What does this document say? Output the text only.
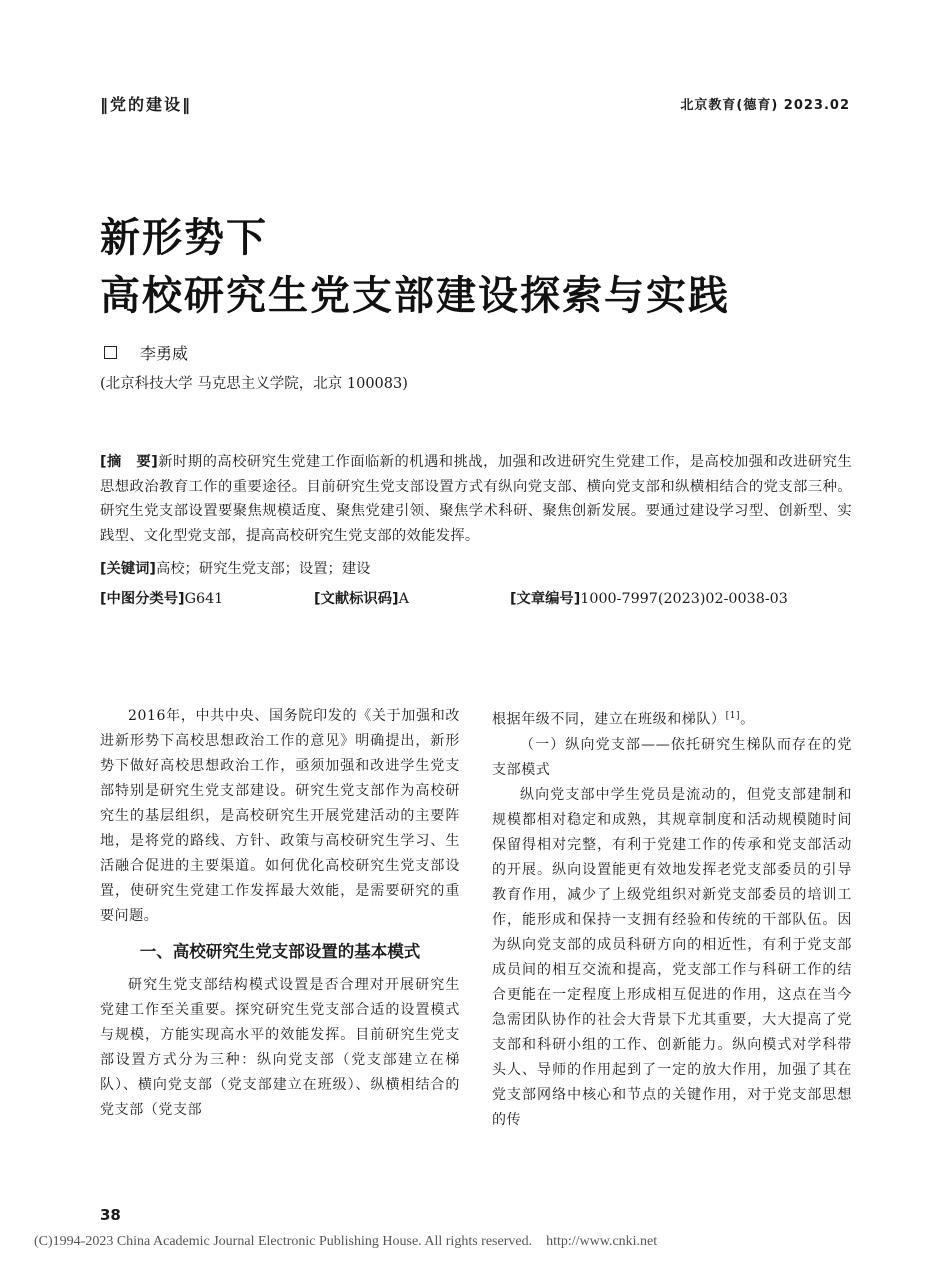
‖党的建设‖	北京教育(德育) 2023.02
新形势下
高校研究生党支部建设探索与实践
李勇威
(北京科技大学 马克思主义学院，北京 100083)
[摘　要]新时期的高校研究生党建工作面临新的机遇和挑战，加强和改进研究生党建工作，是高校加强和改进研究生思想政治教育工作的重要途径。目前研究生党支部设置方式有纵向党支部、横向党支部和纵横相结合的党支部三种。研究生党支部设置要聚焦规模适度、聚焦党建引领、聚焦学术科研、聚焦创新发展。要通过建设学习型、创新型、实践型、文化型党支部，提高高校研究生党支部的效能发挥。
[关键词]高校；研究生党支部；设置；建设
[中图分类号]G641	[文献标识码]A	[文章编号]1000-7997(2023)02-0038-03

2016年，中共中央、国务院印发的《关于加强和改进新形势下高校思想政治工作的意见》明确提出，新形势下做好高校思想政治工作，亟须加强和改进学生党支部特别是研究生党支部建设。研究生党支部作为高校研究生的基层组织，是高校研究生开展党建活动的主要阵地，是将党的路线、方针、政策与高校研究生学习、生活融合促进的主要渠道。如何优化高校研究生党支部设置，使研究生党建工作发挥最大效能，是需要研究的重要问题。

一、高校研究生党支部设置的基本模式

研究生党支部结构模式设置是否合理对开展研究生党建工作至关重要。探究研究生党支部合适的设置模式与规模，方能实现高水平的效能发挥。目前研究生党支部设置方式分为三种：纵向党支部（党支部建立在梯队）、横向党支部（党支部建立在班级）、纵横相结合的党支部（党支部

根据年级不同，建立在班级和梯队）[1]。

（一）纵向党支部——依托研究生梯队而存在的党支部模式

纵向党支部中学生党员是流动的，但党支部建制和规模都相对稳定和成熟，其规章制度和活动规模随时间保留得相对完整，有利于党建工作的传承和党支部活动的开展。纵向设置能更有效地发挥老党支部委员的引导教育作用，减少了上级党组织对新党支部委员的培训工作，能形成和保持一支拥有经验和传统的干部队伍。因为纵向党支部的成员科研方向的相近性，有利于党支部成员间的相互交流和提高，党支部工作与科研工作的结合更能在一定程度上形成相互促进的作用，这点在当今急需团队协作的社会大背景下尤其重要，大大提高了党支部和科研小组的工作、创新能力。纵向模式对学科带头人、导师的作用起到了一定的放大作用，加强了其在党支部网络中核心和节点的关键作用，对于党支部思想的传

38
(C)1994-2023 China Academic Journal Electronic Publishing House. All rights reserved.    http://www.cnki.net
